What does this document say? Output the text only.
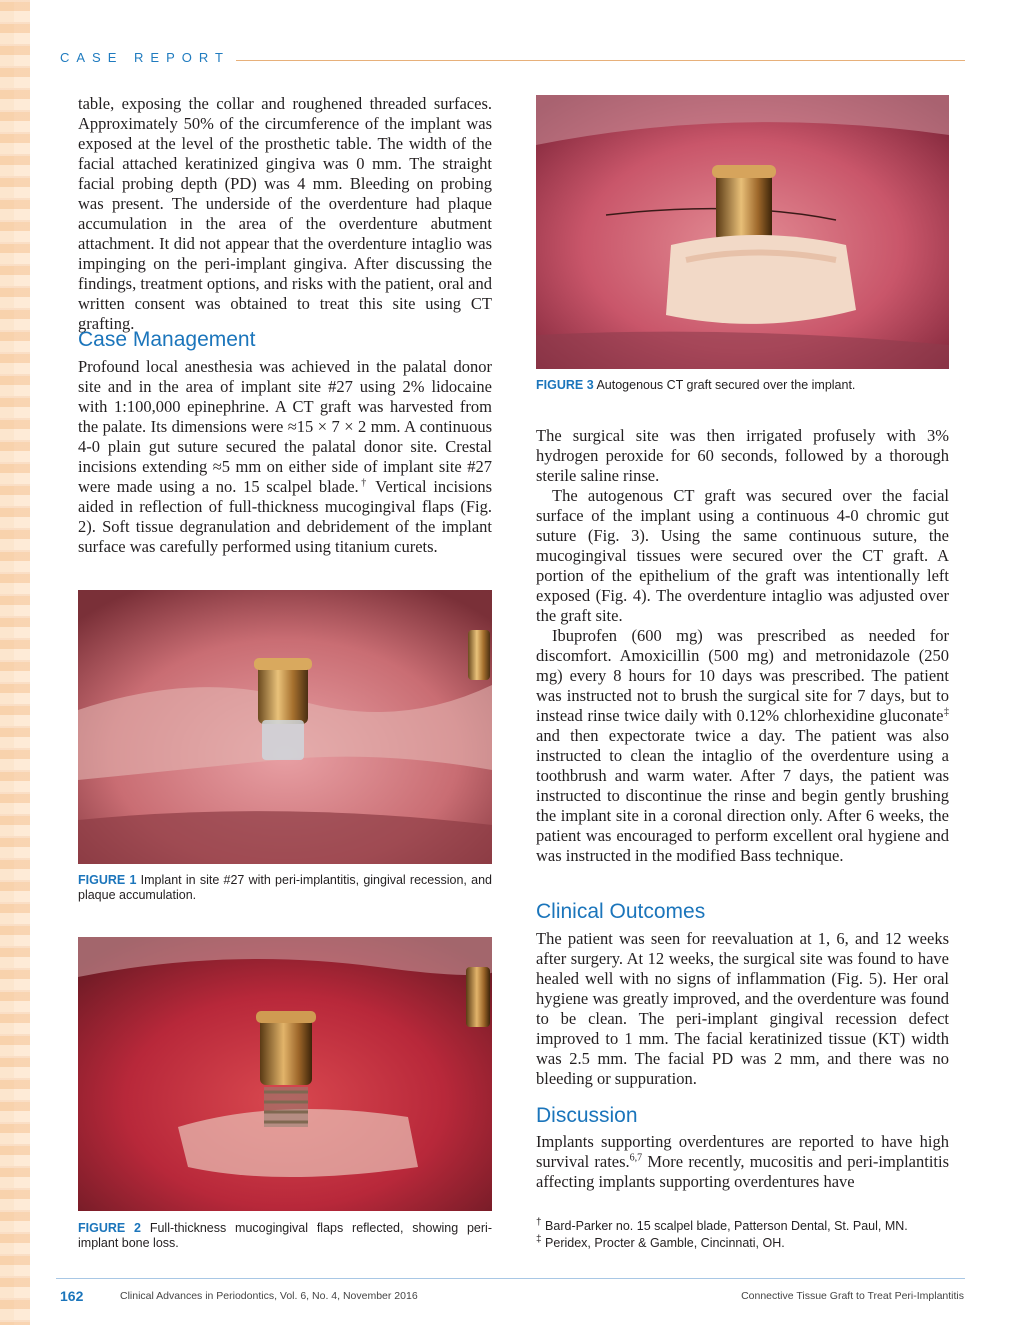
CASE REPORT

table, exposing the collar and roughened threaded surfaces. Approximately 50% of the circumference of the implant was exposed at the level of the prosthetic table. The width of the facial attached keratinized gingiva was 0 mm. The straight facial probing depth (PD) was 4 mm. Bleeding on probing was present. The underside of the overdenture had plaque accumulation in the area of the overdenture abutment attachment. It did not appear that the overdenture intaglio was impinging on the peri-implant gingiva. After discussing the findings, treatment options, and risks with the patient, oral and written consent was obtained to treat this site using CT grafting.

Case Management

Profound local anesthesia was achieved in the palatal donor site and in the area of implant site #27 using 2% lidocaine with 1:100,000 epinephrine. A CT graft was harvested from the palate. Its dimensions were ≈15 × 7 × 2 mm. A continuous 4-0 plain gut suture secured the palatal donor site. Crestal incisions extending ≈5 mm on either side of implant site #27 were made using a no. 15 scalpel blade.† Vertical incisions aided in reflection of full-thickness mucogingival flaps (Fig. 2). Soft tissue degranulation and debridement of the implant surface was carefully performed using titanium curets.

FIGURE 1 Implant in site #27 with peri-implantitis, gingival recession, and plaque accumulation.
FIGURE 2 Full-thickness mucogingival flaps reflected, showing peri-implant bone loss.
FIGURE 3 Autogenous CT graft secured over the implant.

The surgical site was then irrigated profusely with 3% hydrogen peroxide for 60 seconds, followed by a thorough sterile saline rinse.

The autogenous CT graft was secured over the facial surface of the implant using a continuous 4-0 chromic gut suture (Fig. 3). Using the same continuous suture, the mucogingival tissues were secured over the CT graft. A portion of the epithelium of the graft was intentionally left exposed (Fig. 4). The overdenture intaglio was adjusted over the graft site.

Ibuprofen (600 mg) was prescribed as needed for discomfort. Amoxicillin (500 mg) and metronidazole (250 mg) every 8 hours for 10 days was prescribed. The patient was instructed not to brush the surgical site for 7 days, but to instead rinse twice daily with 0.12% chlorhexidine gluconate‡ and then expectorate twice a day. The patient was also instructed to clean the intaglio of the overdenture using a toothbrush and warm water. After 7 days, the patient was instructed to discontinue the rinse and begin gently brushing the implant site in a coronal direction only. After 6 weeks, the patient was encouraged to perform excellent oral hygiene and was instructed in the modified Bass technique.

Clinical Outcomes

The patient was seen for reevaluation at 1, 6, and 12 weeks after surgery. At 12 weeks, the surgical site was found to have healed well with no signs of inflammation (Fig. 5). Her oral hygiene was greatly improved, and the overdenture was found to be clean. The peri-implant gingival recession defect improved to 1 mm. The facial keratinized tissue (KT) width was 2.5 mm. The facial PD was 2 mm, and there was no bleeding or suppuration.

Discussion

Implants supporting overdentures are reported to have high survival rates.$^{6,7}$ More recently, mucositis and peri-implantitis affecting implants supporting overdentures have

† Bard-Parker no. 15 scalpel blade, Patterson Dental, St. Paul, MN.
‡ Peridex, Procter & Gamble, Cincinnati, OH.
162	Clinical Advances in Periodontics, Vol. 6, No. 4, November 2016	Connective Tissue Graft to Treat Peri-Implantitis
